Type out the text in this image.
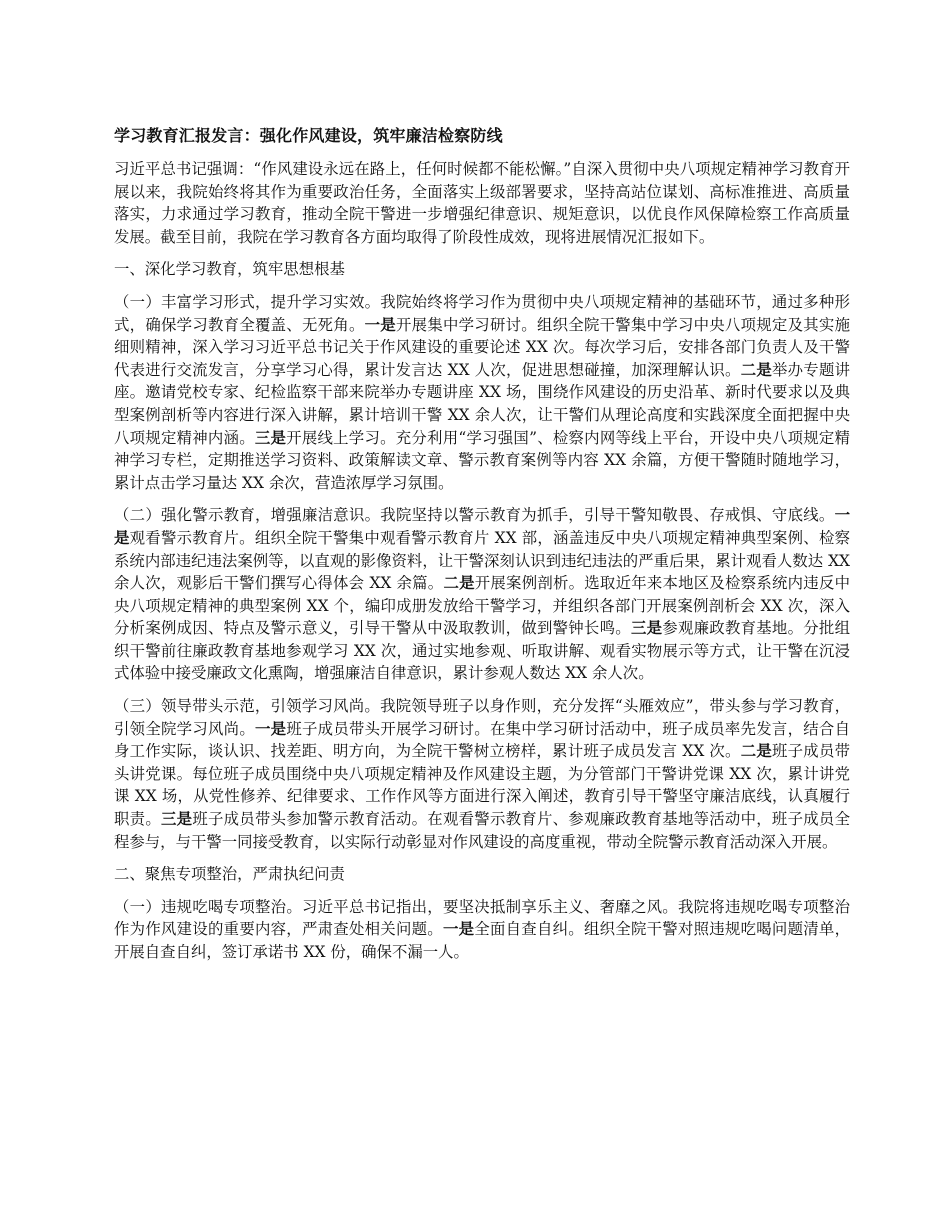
学习教育汇报发言：强化作风建设，筑牢廉洁检察防线

习近平总书记强调：“作风建设永远在路上，任何时候都不能松懈。”自深入贯彻中央八项规定精神学习教育开展以来，我院始终将其作为重要政治任务，全面落实上级部署要求，坚持高站位谋划、高标准推进、高质量落实，力求通过学习教育，推动全院干警进一步增强纪律意识、规矩意识，以优良作风保障检察工作高质量发展。截至目前，我院在学习教育各方面均取得了阶段性成效，现将进展情况汇报如下。

一、深化学习教育，筑牢思想根基

（一）丰富学习形式，提升学习实效。我院始终将学习作为贯彻中央八项规定精神的基础环节，通过多种形式，确保学习教育全覆盖、无死角。一是开展集中学习研讨。组织全院干警集中学习中央八项规定及其实施细则精神，深入学习习近平总书记关于作风建设的重要论述 XX 次。每次学习后，安排各部门负责人及干警代表进行交流发言，分享学习心得，累计发言达 XX 人次，促进思想碰撞，加深理解认识。二是举办专题讲座。邀请党校专家、纪检监察干部来院举办专题讲座 XX 场，围绕作风建设的历史沿革、新时代要求以及典型案例剖析等内容进行深入讲解，累计培训干警 XX 余人次，让干警们从理论高度和实践深度全面把握中央八项规定精神内涵。三是开展线上学习。充分利用“学习强国”、检察内网等线上平台，开设中央八项规定精神学习专栏，定期推送学习资料、政策解读文章、警示教育案例等内容 XX 余篇，方便干警随时随地学习，累计点击学习量达 XX 余次，营造浓厚学习氛围。

（二）强化警示教育，增强廉洁意识。我院坚持以警示教育为抓手，引导干警知敬畏、存戒惧、守底线。一是观看警示教育片。组织全院干警集中观看警示教育片 XX 部，涵盖违反中央八项规定精神典型案例、检察系统内部违纪违法案例等，以直观的影像资料，让干警深刻认识到违纪违法的严重后果，累计观看人数达 XX 余人次，观影后干警们撰写心得体会 XX 余篇。二是开展案例剖析。选取近年来本地区及检察系统内违反中央八项规定精神的典型案例 XX 个，编印成册发放给干警学习，并组织各部门开展案例剖析会 XX 次，深入分析案例成因、特点及警示意义，引导干警从中汲取教训，做到警钟长鸣。三是参观廉政教育基地。分批组织干警前往廉政教育基地参观学习 XX 次，通过实地参观、听取讲解、观看实物展示等方式，让干警在沉浸式体验中接受廉政文化熏陶，增强廉洁自律意识，累计参观人数达 XX 余人次。

（三）领导带头示范，引领学习风尚。我院领导班子以身作则，充分发挥“头雁效应”，带头参与学习教育，引领全院学习风尚。一是班子成员带头开展学习研讨。在集中学习研讨活动中，班子成员率先发言，结合自身工作实际，谈认识、找差距、明方向，为全院干警树立榜样，累计班子成员发言 XX 次。二是班子成员带头讲党课。每位班子成员围绕中央八项规定精神及作风建设主题，为分管部门干警讲党课 XX 次，累计讲党课 XX 场，从党性修养、纪律要求、工作作风等方面进行深入阐述，教育引导干警坚守廉洁底线，认真履行职责。三是班子成员带头参加警示教育活动。在观看警示教育片、参观廉政教育基地等活动中，班子成员全程参与，与干警一同接受教育，以实际行动彰显对作风建设的高度重视，带动全院警示教育活动深入开展。

二、聚焦专项整治，严肃执纪问责

（一）违规吃喝专项整治。习近平总书记指出，要坚决抵制享乐主义、奢靡之风。我院将违规吃喝专项整治作为作风建设的重要内容，严肃查处相关问题。一是全面自查自纠。组织全院干警对照违规吃喝问题清单，开展自查自纠，签订承诺书 XX 份，确保不漏一人。
